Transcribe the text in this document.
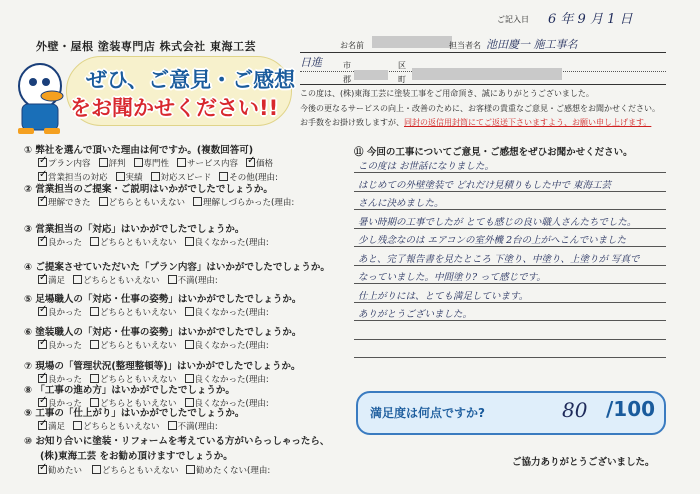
ご記入日 6 年 9 月 1 日
外壁・屋根 塗装専門店 株式会社 東海工芸
ぜひ、ご意見・ご感想
をお聞かせください!!
お名前	担当者名 池田慶一 施工事名
日進	市	区
郡	町
この度は、(株)東海工芸に塗装工事をご用命頂き、誠にありがとうございました。
今後の更なるサービスの向上・改善のために、お客様の貴重なご意見・ご感想をお聞かせください。
お手数をお掛け致しますが、同封の返信用封筒にてご返送下さいますよう、お願い申し上げます。
① 弊社を選んで頂いた理由は何ですか。(複数回答可)
✓プラン内容 評判 専門性 サービス内容✓ 価格
✓営業担当の対応 実績 対応スピード その他(理由:
② 営業担当のご提案・ご説明はいかがでしたでしょうか。
✓理解できた どちらともいえない 理解しづらかった(理由:
③ 営業担当の「対応」はいかがでしたでしょうか。
✓良かった どちらともいえない 良くなかった(理由:
④ ご提案させていただいた「プラン内容」はいかがでしたでしょうか。
✓満足 どちらともいえない 不満(理由:
⑤ 足場職人の「対応・仕事の姿勢」はいかがでしたでしょうか。
✓良かった どちらともいえない 良くなかった(理由:
⑥ 塗装職人の「対応・仕事の姿勢」はいかがでしたでしょうか。
✓良かった どちらともいえない 良くなかった(理由:
⑦ 現場の「管理状況(整理整頓等)」はいかがでしたでしょうか。
✓良かった どちらともいえない 良くなかった(理由:
⑧ 「工事の進め方」はいかがでしたでしょうか。
✓良かった どちらともいえない 良くなかった(理由:
⑨ 工事の「仕上がり」はいかがでしたでしょうか。
✓満足 どちらともいえない 不満(理由:
⑩ お知り合いに塗装・リフォームを考えている方がいらっしゃったら、
(株)東海工芸 をお勧め頂けますでしょうか。
✓勧めたい	どちらともいえない	勧めたくない(理由:
⑪ 今回の工事についてご意見・ご感想をぜひお聞かせください。
この度は お世話になりました。
はじめての外壁塗装で どれだけ見積りもした中で 東海工芸
さんに決めました。
暑い時期の工事でしたが とても感じの良い職人さんたちでした。
少し残念なのは エアコンの室外機 2台の上がへこんでいました
あと、完了報告書を見たところ 下塗り、中塗り、上塗りが 写真で
なっていました。中間塗り? って感じです。
仕上がりには、とても満足しています。
ありがとうございました。
満足度は何点ですか?	80 /100
ご協力ありがとうございました。
